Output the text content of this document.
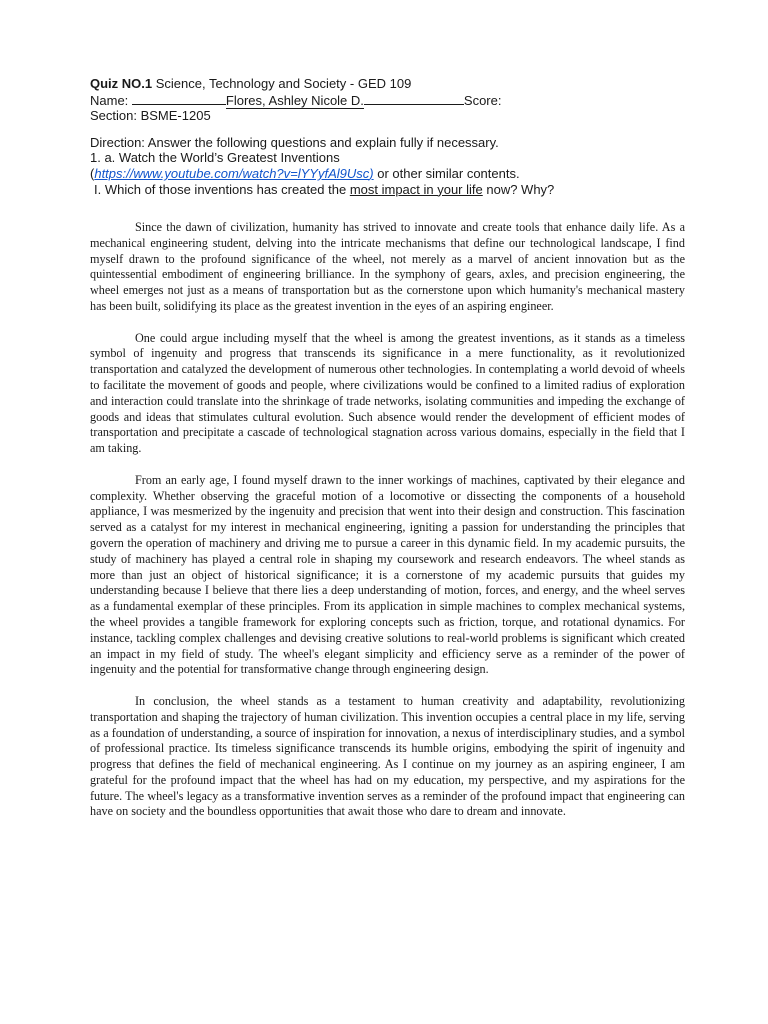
Quiz NO.1 Science, Technology and Society - GED 109
Name:	Flores, Ashley Nicole D.	Score:
Section: BSME-1205
Direction: Answer the following questions and explain fully if necessary.
1. a. Watch the World’s Greatest Inventions
(https://www.youtube.com/watch?v=lYYyfAl9Usc) or other similar contents.
I. Which of those inventions has created the most impact in your life now? Why?

Since the dawn of civilization, humanity has strived to innovate and create tools that enhance daily life. As a mechanical engineering student, delving into the intricate mechanisms that define our technological landscape, I find myself drawn to the profound significance of the wheel, not merely as a marvel of ancient innovation but as the quintessential embodiment of engineering brilliance. In the symphony of gears, axles, and precision engineering, the wheel emerges not just as a means of transportation but as the cornerstone upon which humanity's mechanical mastery has been built, solidifying its place as the greatest invention in the eyes of an aspiring engineer.

One could argue including myself that the wheel is among the greatest inventions, as it stands as a timeless symbol of ingenuity and progress that transcends its significance in a mere functionality, as it revolutionized transportation and catalyzed the development of numerous other technologies. In contemplating a world devoid of wheels to facilitate the movement of goods and people, where civilizations would be confined to a limited radius of exploration and interaction could translate into the shrinkage of trade networks, isolating communities and impeding the exchange of goods and ideas that stimulates cultural evolution. Such absence would render the development of efficient modes of transportation and precipitate a cascade of technological stagnation across various domains, especially in the field that I am taking.

From an early age, I found myself drawn to the inner workings of machines, captivated by their elegance and complexity. Whether observing the graceful motion of a locomotive or dissecting the components of a household appliance, I was mesmerized by the ingenuity and precision that went into their design and construction. This fascination served as a catalyst for my interest in mechanical engineering, igniting a passion for understanding the principles that govern the operation of machinery and driving me to pursue a career in this dynamic field. In my academic pursuits, the study of machinery has played a central role in shaping my coursework and research endeavors. The wheel stands as more than just an object of historical significance; it is a cornerstone of my academic pursuits that guides my understanding because I believe that there lies a deep understanding of motion, forces, and energy, and the wheel serves as a fundamental exemplar of these principles. From its application in simple machines to complex mechanical systems, the wheel provides a tangible framework for exploring concepts such as friction, torque, and rotational dynamics. For instance, tackling complex challenges and devising creative solutions to real-world problems is significant which created an impact in my field of study. The wheel's elegant simplicity and efficiency serve as a reminder of the power of ingenuity and the potential for transformative change through engineering design.

In conclusion, the wheel stands as a testament to human creativity and adaptability, revolutionizing transportation and shaping the trajectory of human civilization. This invention occupies a central place in my life, serving as a foundation of understanding, a source of inspiration for innovation, a nexus of interdisciplinary studies, and a symbol of professional practice. Its timeless significance transcends its humble origins, embodying the spirit of ingenuity and progress that defines the field of mechanical engineering. As I continue on my journey as an aspiring engineer, I am grateful for the profound impact that the wheel has had on my education, my perspective, and my aspirations for the future. The wheel's legacy as a transformative invention serves as a reminder of the profound impact that engineering can have on society and the boundless opportunities that await those who dare to dream and innovate.
